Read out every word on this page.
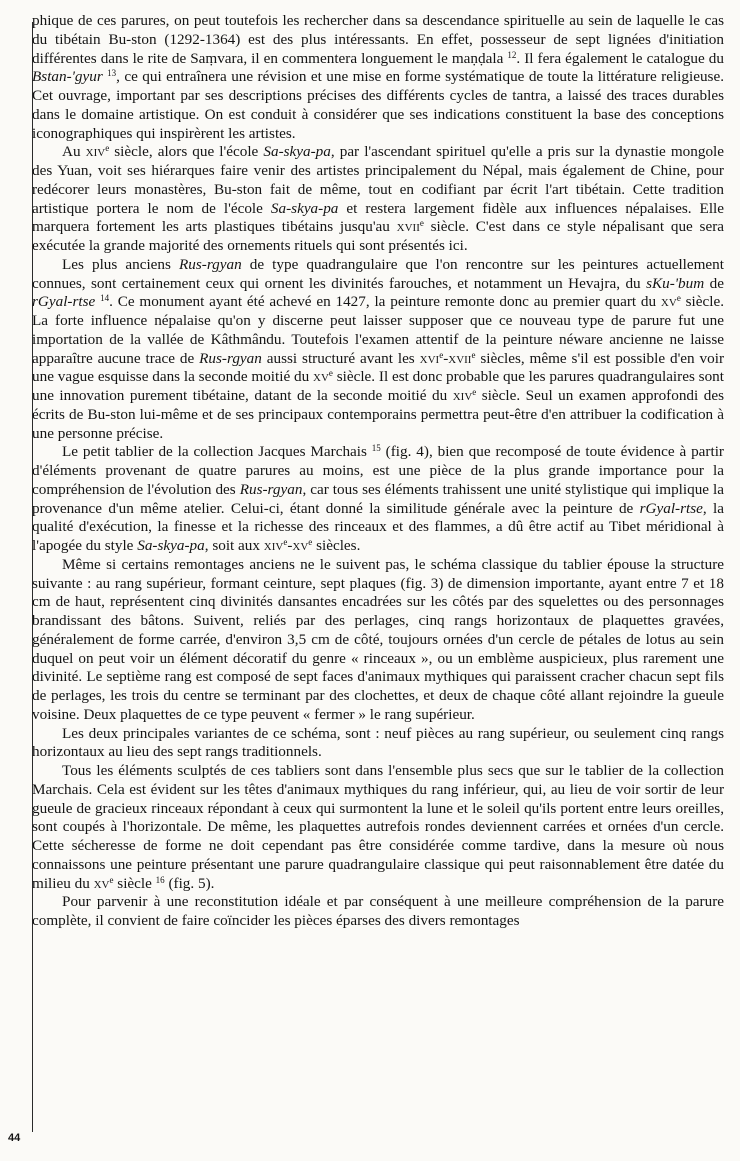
phique de ces parures, on peut toutefois les rechercher dans sa descendance spirituelle au sein de laquelle le cas du tibétain Bu-ston (1292-1364) est des plus intéressants. En effet, possesseur de sept lignées d'initiation différentes dans le rite de Saṃvara, il en commentera longuement le maṇḍala $^{12}$. Il fera également le catalogue du Bstan-'gyur $^{13}$, ce qui entraînera une révision et une mise en forme systématique de toute la littérature religieuse. Cet ouvrage, important par ses descriptions précises des différents cycles de tantra, a laissé des traces durables dans le domaine artistique. On est conduit à considérer que ses indications constituent la base des conceptions iconographiques qui inspirèrent les artistes.

Au xiv$^e$ siècle, alors que l'école Sa-skya-pa, par l'ascendant spirituel qu'elle a pris sur la dynastie mongole des Yuan, voit ses hiérarques faire venir des artistes principalement du Népal, mais également de Chine, pour redécorer leurs monastères, Bu-ston fait de même, tout en codifiant par écrit l'art tibétain. Cette tradition artistique portera le nom de l'école Sa-skya-pa et restera largement fidèle aux influences népalaises. Elle marquera fortement les arts plastiques tibétains jusqu'au xvii$^e$ siècle. C'est dans ce style népalisant que sera exécutée la grande majorité des ornements rituels qui sont présentés ici.

Les plus anciens Rus-rgyan de type quadrangulaire que l'on rencontre sur les peintures actuellement connues, sont certainement ceux qui ornent les divinités farouches, et notamment un Hevajra, du sKu-'bum de rGyal-rtse $^{14}$. Ce monument ayant été achevé en 1427, la peinture remonte donc au premier quart du $xv^e$ siècle. La forte influence népalaise qu'on y discerne peut laisser supposer que ce nouveau type de parure fut une importation de la vallée de Kâthmându. Toutefois l'examen attentif de la peinture néware ancienne ne laisse apparaître aucune trace de Rus-rgyan aussi structuré avant les xvi$^e$-xvii$^e$ siècles, même s'il est possible d'en voir une vague esquisse dans la seconde moitié du $xv^e$ siècle. Il est donc probable que les parures quadrangulaires sont une innovation purement tibétaine, datant de la seconde moitié du xiv$^e$ siècle. Seul un examen approfondi des écrits de Bu-ston lui-même et de ses principaux contemporains permettra peut-être d'en attribuer la codification à une personne précise.

Le petit tablier de la collection Jacques Marchais $^{15}$ (fig. 4), bien que recomposé de toute évidence à partir d'éléments provenant de quatre parures au moins, est une pièce de la plus grande importance pour la compréhension de l'évolution des Rus-rgyan, car tous ses éléments trahissent une unité stylistique qui implique la provenance d'un même atelier. Celui-ci, étant donné la similitude générale avec la peinture de rGyal-rtse, la qualité d'exécution, la finesse et la richesse des rinceaux et des flammes, a dû être actif au Tibet méridional à l'apogée du style Sa-skya-pa, soit aux $xiv^e-xv^e$ siècles.

Même si certains remontages anciens ne le suivent pas, le schéma classique du tablier épouse la structure suivante : au rang supérieur, formant ceinture, sept plaques (fig. 3) de dimension importante, ayant entre 7 et 18 cm de haut, représentent cinq divinités dansantes encadrées sur les côtés par des squelettes ou des personnages brandissant des bâtons. Suivent, reliés par des perlages, cinq rangs horizontaux de plaquettes gravées, généralement de forme carrée, d'environ 3,5 cm de côté, toujours ornées d'un cercle de pétales de lotus au sein duquel on peut voir un élément décoratif du genre « rinceaux », ou un emblème auspicieux, plus rarement une divinité. Le septième rang est composé de sept faces d'animaux mythiques qui paraissent cracher chacun sept fils de perlages, les trois du centre se terminant par des clochettes, et deux de chaque côté allant rejoindre la gueule voisine. Deux plaquettes de ce type peuvent « fermer » le rang supérieur.

Les deux principales variantes de ce schéma, sont : neuf pièces au rang supérieur, ou seulement cinq rangs horizontaux au lieu des sept rangs traditionnels.

Tous les éléments sculptés de ces tabliers sont dans l'ensemble plus secs que sur le tablier de la collection Marchais. Cela est évident sur les têtes d'animaux mythiques du rang inférieur, qui, au lieu de voir sortir de leur gueule de gracieux rinceaux répondant à ceux qui surmontent la lune et le soleil qu'ils portent entre leurs oreilles, sont coupés à l'horizontale. De même, les plaquettes autrefois rondes deviennent carrées et ornées d'un cercle. Cette sécheresse de forme ne doit cependant pas être considérée comme tardive, dans la mesure où nous connaissons une peinture présentant une parure quadrangulaire classique qui peut raisonnablement être datée du milieu du $xv^e$ siècle $^{16}$ (fig. 5).

Pour parvenir à une reconstitution idéale et par conséquent à une meilleure compréhension de la parure complète, il convient de faire coïncider les pièces éparses des divers remontages

44
